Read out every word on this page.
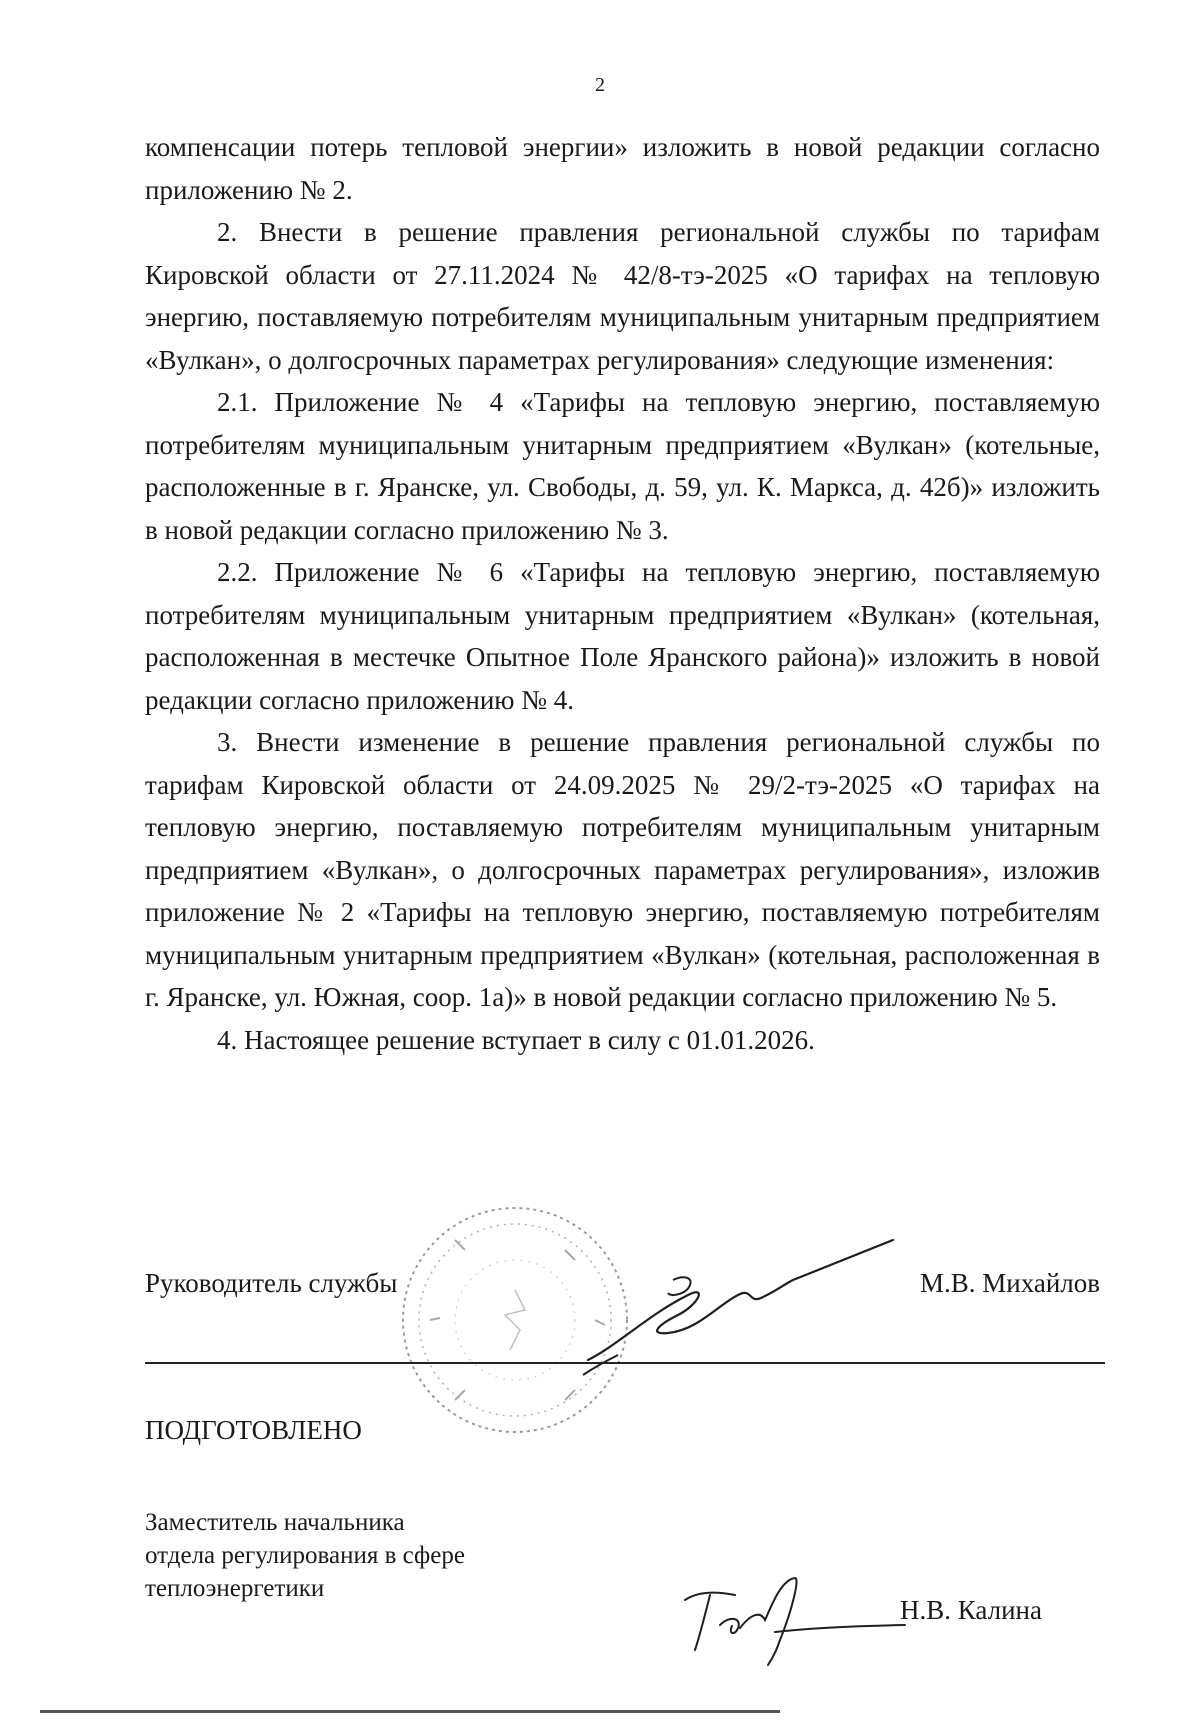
2

компенсации потерь тепловой энергии» изложить в новой редакции согласно приложению № 2.

2. Внести в решение правления региональной службы по тарифам Кировской области от 27.11.2024 № 42/8-тэ-2025 «О тарифах на тепловую энергию, поставляемую потребителям муниципальным унитарным предприятием «Вулкан», о долгосрочных параметрах регулирования» следующие изменения:

2.1. Приложение № 4 «Тарифы на тепловую энергию, поставляемую потребителям муниципальным унитарным предприятием «Вулкан» (котельные, расположенные в г. Яранске, ул. Свободы, д. 59, ул. К. Маркса, д. 42б)» изложить в новой редакции согласно приложению № 3.

2.2. Приложение № 6 «Тарифы на тепловую энергию, поставляемую потребителям муниципальным унитарным предприятием «Вулкан» (котельная, расположенная в местечке Опытное Поле Яранского района)» изложить в новой редакции согласно приложению № 4.

3. Внести изменение в решение правления региональной службы по тарифам Кировской области от 24.09.2025 № 29/2-тэ-2025 «О тарифах на тепловую энергию, поставляемую потребителям муниципальным унитарным предприятием «Вулкан», о долгосрочных параметрах регулирования», изложив приложение № 2 «Тарифы на тепловую энергию, поставляемую потребителям муниципальным унитарным предприятием «Вулкан» (котельная, расположенная в г. Яранске, ул. Южная, соор. 1а)» в новой редакции согласно приложению № 5.

4. Настоящее решение вступает в силу с 01.01.2026.

Руководитель службы	М.В. Михайлов
ПОДГОТОВЛЕНО
Заместитель начальника
отдела регулирования в сфере
теплоэнергетики
Н.В. Калина
